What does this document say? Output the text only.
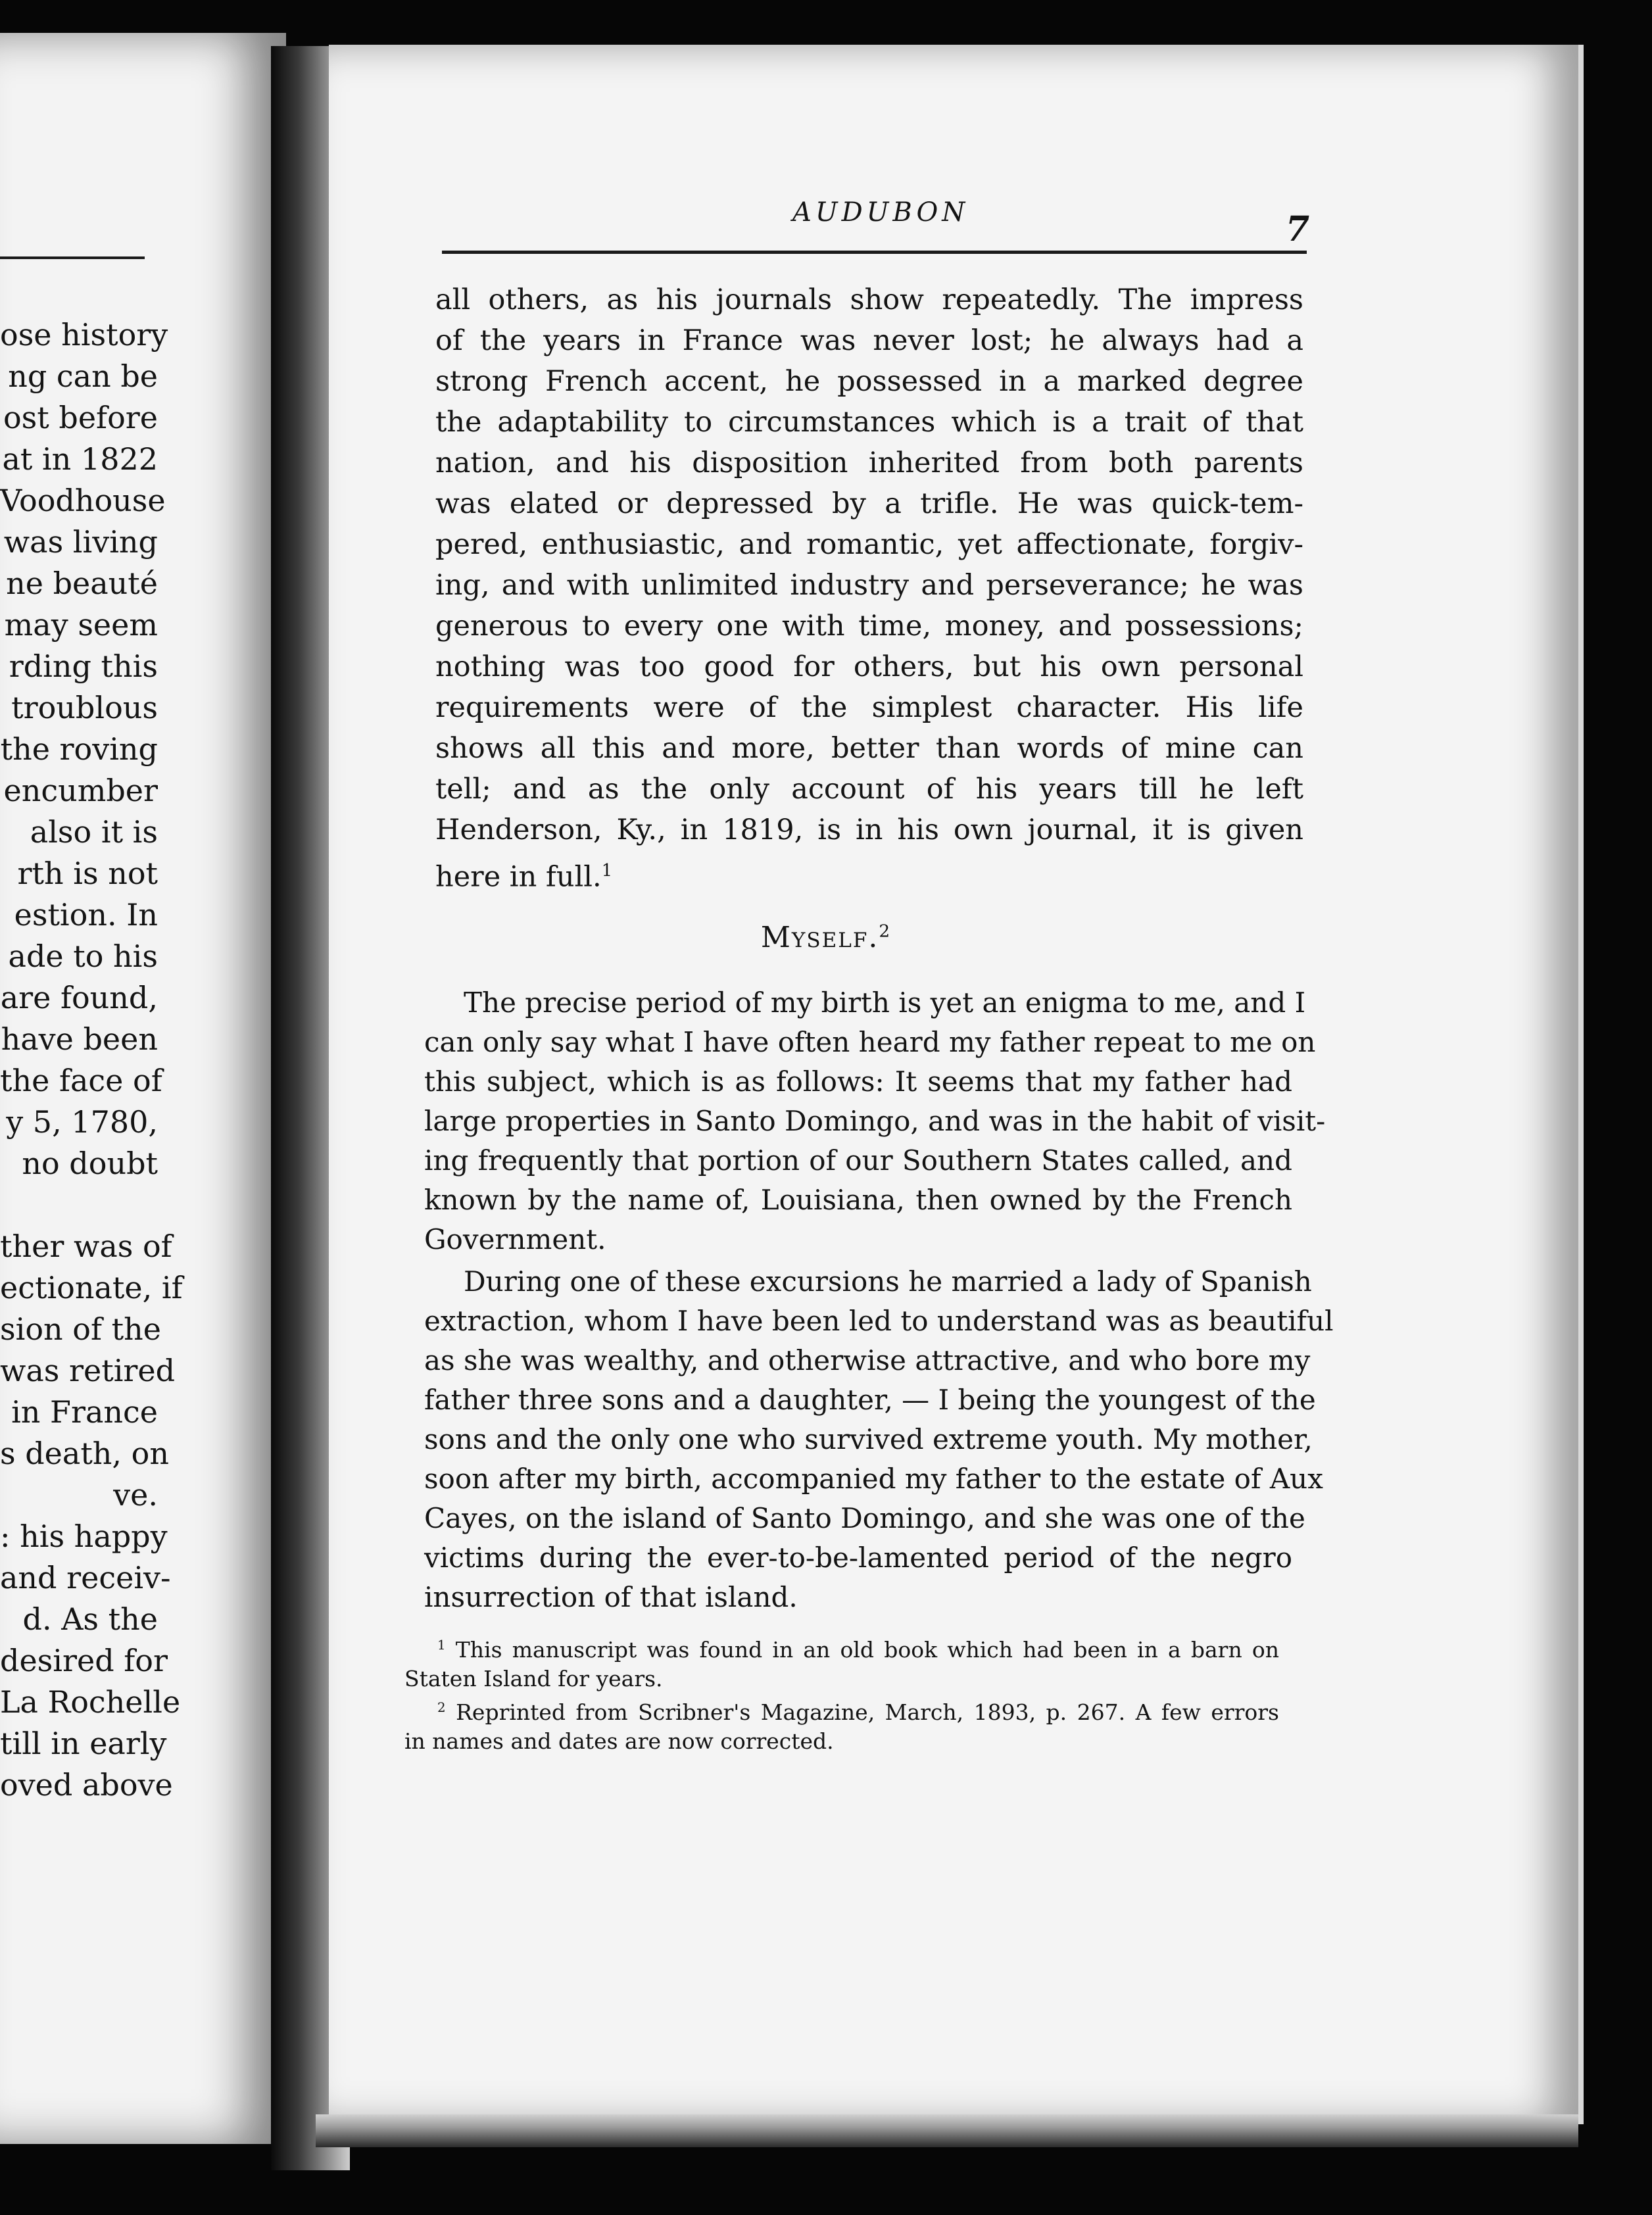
ose history
ng can be
ost before
at in 1822
Voodhouse
was living
ne beauté
may seem
rding this
troublous
the roving
encumber
also it is
rth is not
estion. In
ade to his
are found,
have been
the face of
y 5, 1780,
no doubt
ther was of
ectionate, if
sion of the
was retired
in France
s death, on
ve.
: his happy
and receiv-
d. As the
desired for
La Rochelle
till in early
oved above
AUDUBON	7
all others, as his journals show repeatedly. The impress
of the years in France was never lost; he always had a
strong French accent, he possessed in a marked degree
the adaptability to circumstances which is a trait of that
nation, and his disposition inherited from both parents
was elated or depressed by a trifle. He was quick-tem-
pered, enthusiastic, and romantic, yet affectionate, forgiv-
ing, and with unlimited industry and perseverance; he was
generous to every one with time, money, and possessions;
nothing was too good for others, but his own personal
requirements were of the simplest character. His life
shows all this and more, better than words of mine can
tell; and as the only account of his years till he left
Henderson, Ky., in 1819, is in his own journal, it is given
here in full.$^1$
Myself.$^2$
The precise period of my birth is yet an enigma to me, and I
can only say what I have often heard my father repeat to me on
this subject, which is as follows: It seems that my father had
large properties in Santo Domingo, and was in the habit of visit-
ing frequently that portion of our Southern States called, and
known by the name of, Louisiana, then owned by the French
Government.
During one of these excursions he married a lady of Spanish
extraction, whom I have been led to understand was as beautiful
as she was wealthy, and otherwise attractive, and who bore my
father three sons and a daughter, — I being the youngest of the
sons and the only one who survived extreme youth. My mother,
soon after my birth, accompanied my father to the estate of Aux
Cayes, on the island of Santo Domingo, and she was one of the
victims during the ever-to-be-lamented period of the negro
insurrection of that island.
$^1$ This manuscript was found in an old book which had been in a barn on
Staten Island for years.
$^2$ Reprinted from Scribner's Magazine, March, 1893, p. 267. A few errors
in names and dates are now corrected.
